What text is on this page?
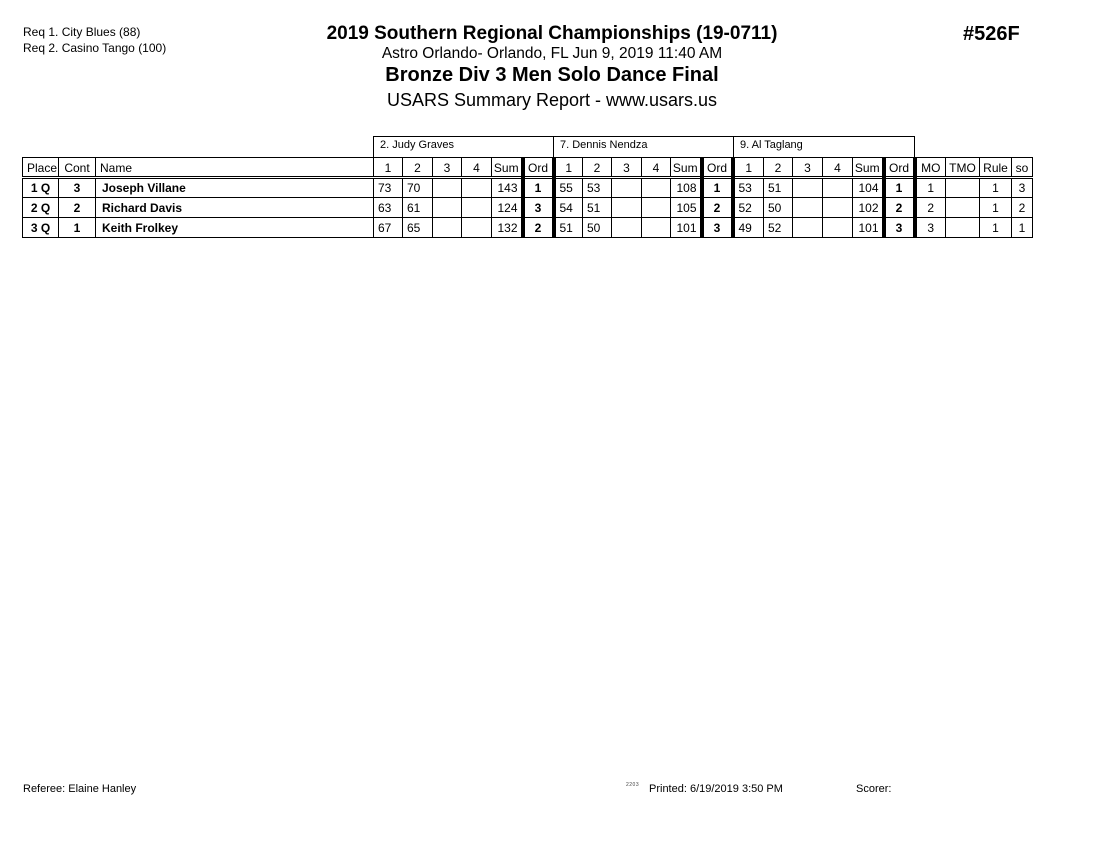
Req 1. City Blues (88)
Req 2. Casino Tango (100)
2019 Southern Regional Championships (19-0711)
Astro Orlando- Orlando, FL Jun 9, 2019 11:40 AM
Bronze Div 3 Men Solo Dance Final
USARS Summary Report - www.usars.us
#526F
2. Judy Graves	7. Dennis Nendza	9. Al Taglang
Place	Cont	Name	1	2	3	4	Sum	Ord	1	2	3	4	Sum	Ord	1	2	3	4	Sum	Ord	MO	TMO	Rule	so
1 Q	3	Joseph Villane	73	70			143	1	55	53			108	1	53	51			104	1	1		1	3
2 Q	2	Richard Davis	63	61			124	3	54	51			105	2	52	50			102	2	2		1	2
3 Q	1	Keith Frolkey	67	65			132	2	51	50			101	3	49	52			101	3	3		1	1
Referee: Elaine Hanley	2203 Printed: 6/19/2019 3:50 PM	Scorer:
